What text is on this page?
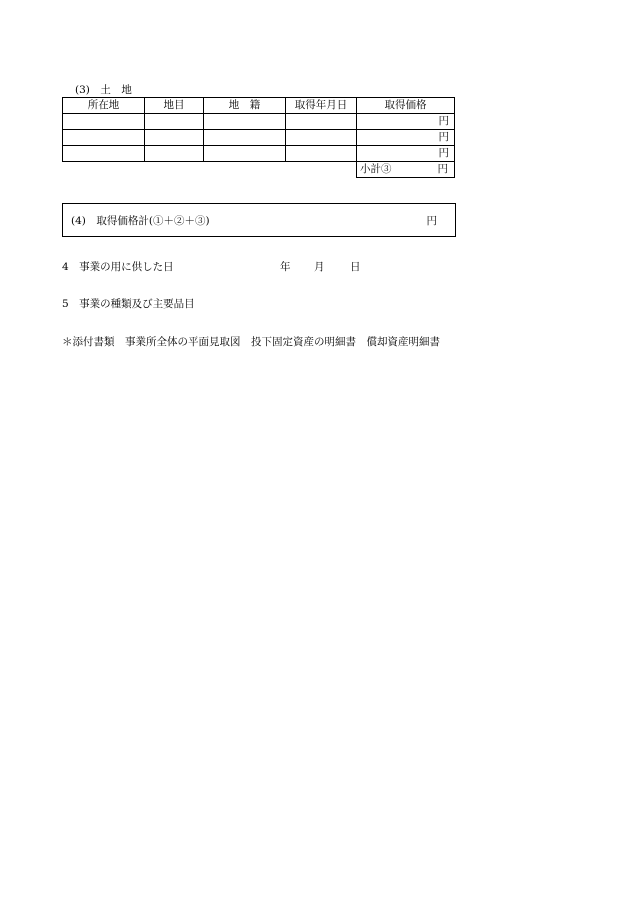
(3)　土　地
所在地	地目	地　籍	取得年月日	取得価格
				円
				円
				円
				小計③ 円
(4)　取得価格計(①＋②＋③)	円
4　事業の用に供した日	年 月 日
5　事業の種類及び主要品目
＊添付書類　事業所全体の平面見取図　投下固定資産の明細書　償却資産明細書
